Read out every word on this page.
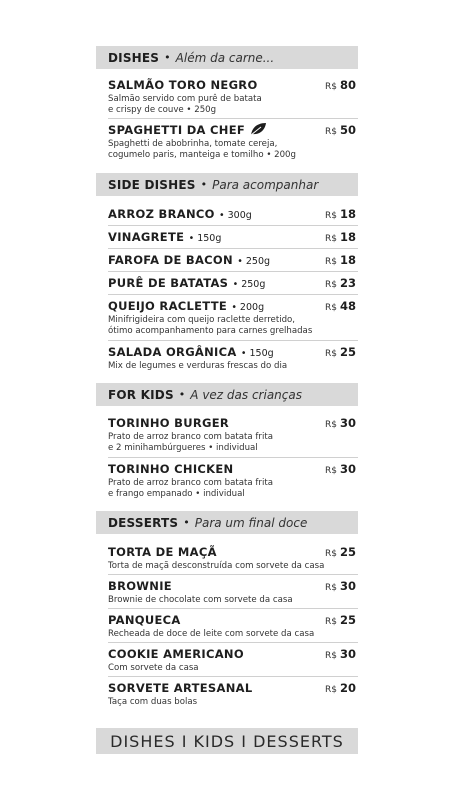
DISHES • Além da carne...
SALMÃO TORO NEGRO	R$ 80
Salmão servido com purê de batata
e crispy de couve • 250g
SPAGHETTI DA CHEF	R$ 50
Spaghetti de abobrinha, tomate cereja,
cogumelo paris, manteiga e tomilho • 200g
SIDE DISHES • Para acompanhar
ARROZ BRANCO • 300g	R$ 18
VINAGRETE • 150g	R$ 18
FAROFA DE BACON • 250g	R$ 18
PURÊ DE BATATAS • 250g	R$ 23
QUEIJO RACLETTE • 200g	R$ 48
Minifrigideira com queijo raclette derretido,
ótimo acompanhamento para carnes grelhadas
SALADA ORGÂNICA • 150g	R$ 25
Mix de legumes e verduras frescas do dia
FOR KIDS • A vez das crianças
TORINHO BURGER	R$ 30
Prato de arroz branco com batata frita
e 2 minihambúrgueres • individual
TORINHO CHICKEN	R$ 30
Prato de arroz branco com batata frita
e frango empanado • individual
DESSERTS • Para um final doce
TORTA DE MAÇÃ	R$ 25
Torta de maçã desconstruída com sorvete da casa
BROWNIE	R$ 30
Brownie de chocolate com sorvete da casa
PANQUECA	R$ 25
Recheada de doce de leite com sorvete da casa
COOKIE AMERICANO	R$ 30
Com sorvete da casa
SORVETE ARTESANAL	R$ 20
Taça com duas bolas
DISHES I KIDS I DESSERTS
